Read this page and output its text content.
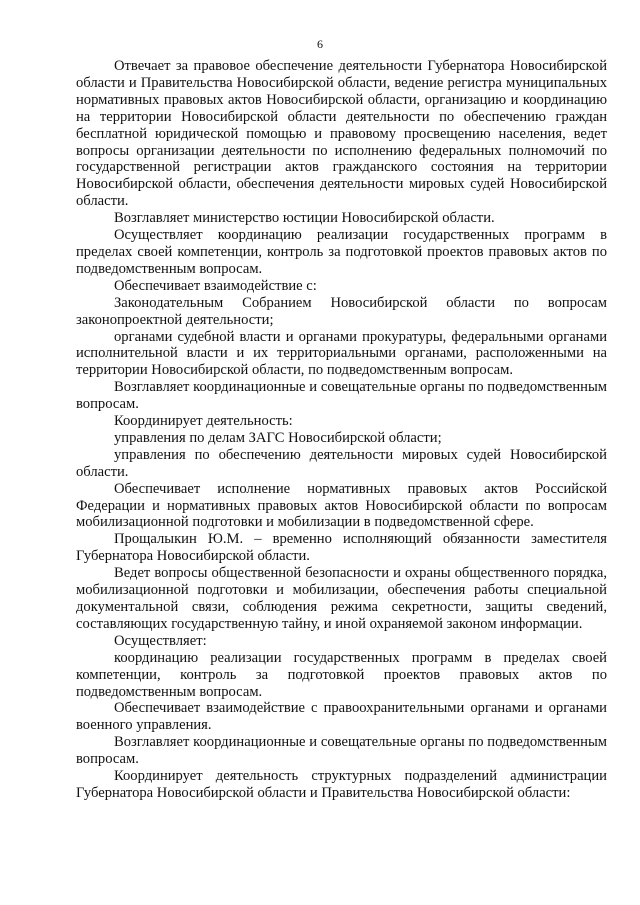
6

Отвечает за правовое обеспечение деятельности Губернатора Новосибирской области и Правительства Новосибирской области, ведение регистра муниципальных нормативных правовых актов Новосибирской области, организацию и координацию на территории Новосибирской области деятельности по обеспечению граждан бесплатной юридической помощью и правовому просвещению населения, ведет вопросы организации деятельности по исполнению федеральных полномочий по государственной регистрации актов гражданского состояния на территории Новосибирской области, обеспечения деятельности мировых судей Новосибирской области.

Возглавляет министерство юстиции Новосибирской области.

Осуществляет координацию реализации государственных программ в пределах своей компетенции, контроль за подготовкой проектов правовых актов по подведомственным вопросам.

Обеспечивает взаимодействие с:

Законодательным Собранием Новосибирской области по вопросам законопроектной деятельности;

органами судебной власти и органами прокуратуры, федеральными органами исполнительной власти и их территориальными органами, расположенными на территории Новосибирской области, по подведомственным вопросам.

Возглавляет координационные и совещательные органы по подведомственным вопросам.

Координирует деятельность:

управления по делам ЗАГС Новосибирской области;

управления по обеспечению деятельности мировых судей Новосибирской области.

Обеспечивает исполнение нормативных правовых актов Российской Федерации и нормативных правовых актов Новосибирской области по вопросам мобилизационной подготовки и мобилизации в подведомственной сфере.

Прощалыкин Ю.М. – временно исполняющий обязанности заместителя Губернатора Новосибирской области.

Ведет вопросы общественной безопасности и охраны общественного порядка, мобилизационной подготовки и мобилизации, обеспечения работы специальной документальной связи, соблюдения режима секретности, защиты сведений, составляющих государственную тайну, и иной охраняемой законом информации.

Осуществляет:

координацию реализации государственных программ в пределах своей компетенции, контроль за подготовкой проектов правовых актов по подведомственным вопросам.

Обеспечивает взаимодействие с правоохранительными органами и органами военного управления.

Возглавляет координационные и совещательные органы по подведомственным вопросам.

Координирует деятельность структурных подразделений администрации Губернатора Новосибирской области и Правительства Новосибирской области:
